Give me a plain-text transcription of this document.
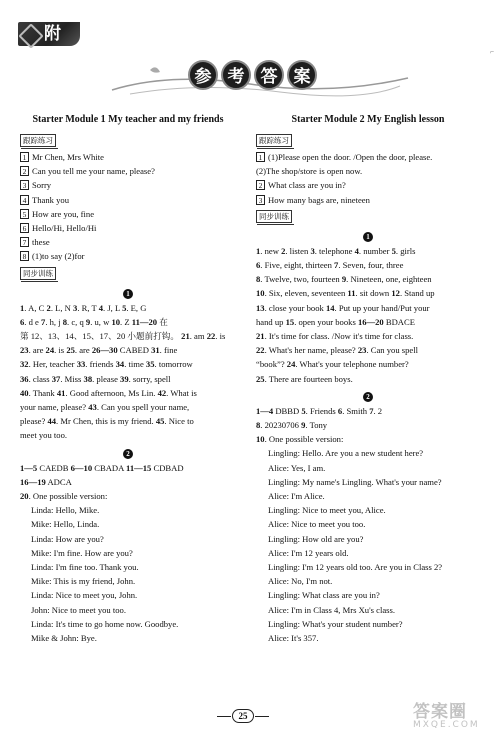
附
⌐
参 考 答 案
Starter Module 1 My teacher and my friends
跟踪练习
1 Mr Chen, Mrs White
2 Can you tell me your name, please?
3 Sorry
4 Thank you
5 How are you, fine
6 Hello/Hi, Hello/Hi
7 these
8 (1)to say (2)for
同步训练
1
1. A, C 2. L, N 3. R, T 4. J, L 5. E, G
6. d e 7. h, j 8. c, q 9. u, w 10. Z 11—20 在
第 12、13、14、15、17、20 小题前打钩。 21. am 22. is
23. are 24. is 25. are 26—30 CABED 31. fine
32. Her, teacher 33. friends 34. time 35. tomorrow
36. class 37. Miss 38. please 39. sorry, spell
40. Thank 41. Good afternoon, Ms Lin. 42. What is
your name, please? 43. Can you spell your name,
please? 44. Mr Chen, this is my friend. 45. Nice to
meet you too.
2
1—5 CAEDB 6—10 CBADA 11—15 CDBAD
16—19 ADCA
20. One possible version:
Linda: Hello, Mike.
Mike: Hello, Linda.
Linda: How are you?
Mike: I'm fine. How are you?
Linda: I'm fine too. Thank you.
Mike: This is my friend, John.
Linda: Nice to meet you, John.
John: Nice to meet you too.
Linda: It's time to go home now. Goodbye.
Mike & John: Bye.
Starter Module 2 My English lesson
跟踪练习
1 (1)Please open the door. /Open the door, please.
(2)The shop/store is open now.
2 What class are you in?
3 How many bags are, nineteen
同步训练
1
1. new 2. listen 3. telephone 4. number 5. girls
6. Five, eight, thirteen 7. Seven, four, three
8. Twelve, two, fourteen 9. Nineteen, one, eighteen
10. Six, eleven, seventeen 11. sit down 12. Stand up
13. close your book 14. Put up your hand/Put your
hand up 15. open your books 16—20 BDACE
21. It's time for class. /Now it's time for class.
22. What's her name, please? 23. Can you spell
“book”? 24. What's your telephone number?
25. There are fourteen boys.
2
1—4 DBBD 5. Friends 6. Smith 7. 2
8. 20230706 9. Tony
10. One possible version:
Lingling: Hello. Are you a new student here?
Alice: Yes, I am.
Lingling: My name's Lingling. What's your name?
Alice: I'm Alice.
Lingling: Nice to meet you, Alice.
Alice: Nice to meet you too.
Lingling: How old are you?
Alice: I'm 12 years old.
Lingling: I'm 12 years old too. Are you in Class 2?
Alice: No, I'm not.
Lingling: What class are you in?
Alice: I'm in Class 4, Mrs Xu's class.
Lingling: What's your student number?
Alice: It's 357.
25	答案圈
MXQE.COM
